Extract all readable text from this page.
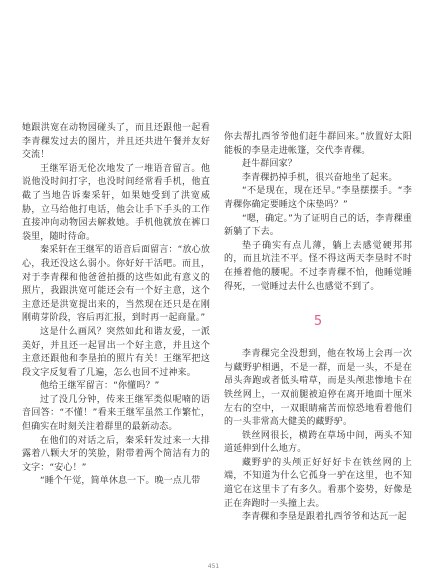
她跟洪宽在动物园碰头了，而且还跟他一起看李青稞发过去的图片，并且还共进午餐并友好交流！

王继军语无伦次地发了一堆语音留言。他说他没时间打字，也没时间经常看手机，他直截了当地告诉秦采轩，如果她受到了洪宽威胁，立马给他打电话，他会让手下手头的工作直接冲向动物园去解救她。手机他就放在裤口袋里，随时待命。

秦采轩在王继军的语音后面留言：“放心放心，我还没这么弱小。你好好干活吧。而且，对于李青稞和他爸爸拍摄的这些如此有意义的照片，我跟洪宽可能还会有一个好主意，这个主意还是洪宽提出来的，当然现在还只是在刚刚萌芽阶段，容后再汇报，到时再一起商量。”

这是什么画风？突然如此和谐友爱，一派美好，并且还一起冒出一个好主意，并且这个主意还跟他和李垦拍的照片有关！王继军把这段文字反复看了几遍，怎么也回不过神来。

他给王继军留言：“你懂吗？”

过了没几分钟，传来王继军类似呢喃的语音回答：“不懂！”看来王继军虽然工作繁忙，但确实在时刻关注着群里的最新动态。

在他们的对话之后，秦采轩发过来一大排露着八颗大牙的笑脸，附带着两个简洁有力的文字：“安心！”

“睡个午觉，简单休息一下。晚一点儿带

你去帮扎西爷爷他们赶牛群回来。”放置好太阳能板的李垦走进帐篷，交代李青稞。

赶牛群回家？

李青稞扔掉手机，很兴奋地坐了起来。

“不是现在，现在还早。”李垦摆摆手。“李青稞你确定要睡这个床垫吗？”

“嗯，确定。”为了证明自己的话，李青稞重新躺了下去。

垫子确实有点儿薄，躺上去感觉硬邦邦的，而且坑洼不平。怪不得这两天李垦时不时在捶着他的腰呢。不过李青稞不怕，他睡觉睡得死，一觉睡过去什么也感觉不到了。

5

李青稞完全没想到，他在牧场上会再一次与藏野驴相遇，不是一群，而是一头，不是在昂头奔跑或者低头啃草，而是头颅悲惨地卡在铁丝网上，一双前腿被迫停在离开地面十厘米左右的空中，一双眼睛痛苦而惊恐地看着他们的一头非常高大健美的藏野驴。

铁丝网很长，横跨在草场中间，两头不知道延伸到什么地方。

藏野驴的头颅正好好好卡在铁丝网的上端，不知道为什么它孤身一驴在这里，也不知道它在这里卡了有多久。看那个姿势，好像是正在奔跑时一头撞上去。

李青稞和李垦是跟着扎西爷爷和达瓦一起

451
